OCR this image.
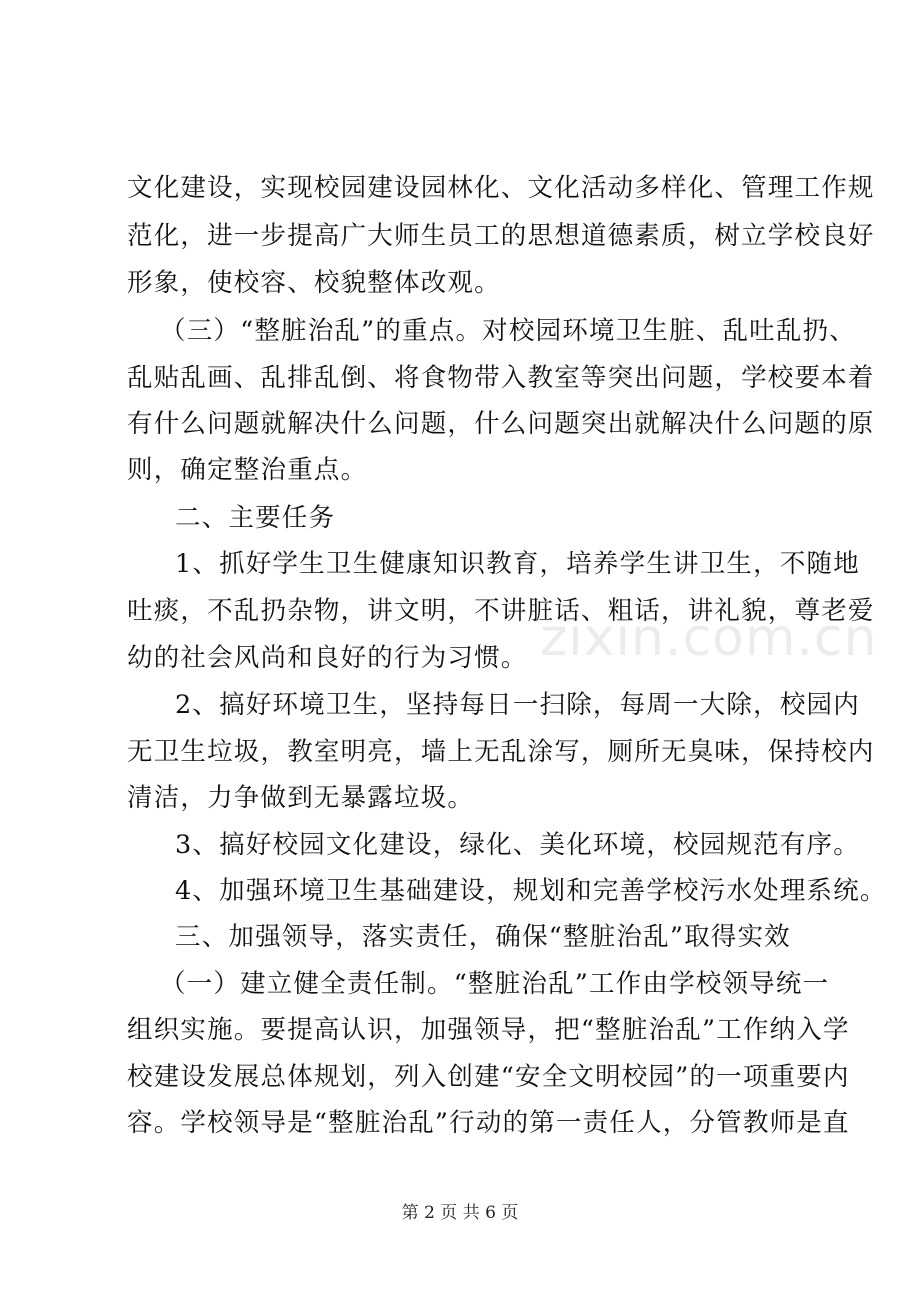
zixin.com.cn
文化建设，实现校园建设园林化、文化活动多样化、管理工作规
范化，进一步提高广大师生员工的思想道德素质，树立学校良好
形象，使校容、校貌整体改观。
（三）“整脏治乱”的重点。对校园环境卫生脏、乱吐乱扔、
乱贴乱画、乱排乱倒、将食物带入教室等突出问题，学校要本着
有什么问题就解决什么问题，什么问题突出就解决什么问题的原
则，确定整治重点。
二、主要任务
1、抓好学生卫生健康知识教育，培养学生讲卫生，不随地
吐痰，不乱扔杂物，讲文明，不讲脏话、粗话，讲礼貌，尊老爱
幼的社会风尚和良好的行为习惯。
2、搞好环境卫生，坚持每日一扫除，每周一大除，校园内
无卫生垃圾，教室明亮，墙上无乱涂写，厕所无臭味，保持校内
清洁，力争做到无暴露垃圾。
3、搞好校园文化建设，绿化、美化环境，校园规范有序。
4、加强环境卫生基础建设，规划和完善学校污水处理系统。
三、加强领导，落实责任，确保“整脏治乱”取得实效
（一）建立健全责任制。“整脏治乱”工作由学校领导统一
组织实施。要提高认识，加强领导，把“整脏治乱”工作纳入学
校建设发展总体规划，列入创建“安全文明校园”的一项重要内
容。学校领导是“整脏治乱”行动的第一责任人，分管教师是直
第 2 页 共 6 页
